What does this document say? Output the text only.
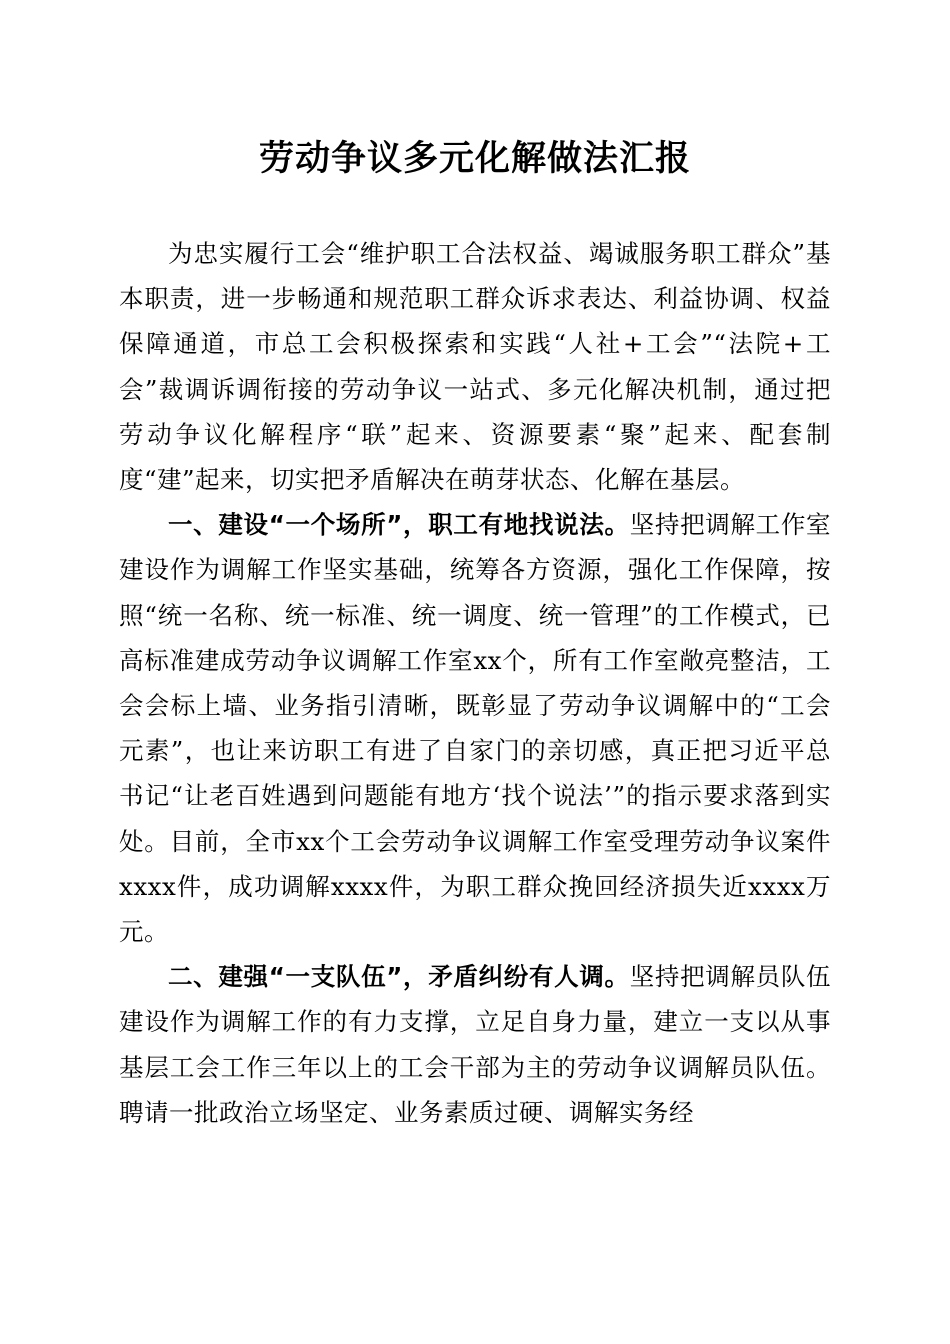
劳动争议多元化解做法汇报

为忠实履行工会“维护职工合法权益、竭诚服务职工群众”基本职责，进一步畅通和规范职工群众诉求表达、利益协调、权益保障通道，市总工会积极探索和实践“人社+工会”“法院+工会”裁调诉调衔接的劳动争议一站式、多元化解决机制，通过把劳动争议化解程序“联”起来、资源要素“聚”起来、配套制度“建”起来，切实把矛盾解决在萌芽状态、化解在基层。

一、建设“一个场所”，职工有地找说法。坚持把调解工作室建设作为调解工作坚实基础，统筹各方资源，强化工作保障，按照“统一名称、统一标准、统一调度、统一管理”的工作模式，已高标准建成劳动争议调解工作室xx个，所有工作室敞亮整洁，工会会标上墙、业务指引清晰，既彰显了劳动争议调解中的“工会元素”，也让来访职工有进了自家门的亲切感，真正把习近平总书记“让老百姓遇到问题能有地方‘找个说法’”的指示要求落到实处。目前，全市xx个工会劳动争议调解工作室受理劳动争议案件xxxx件，成功调解xxxx件，为职工群众挽回经济损失近xxxx万元。

二、建强“一支队伍”，矛盾纠纷有人调。坚持把调解员队伍建设作为调解工作的有力支撑，立足自身力量，建立一支以从事基层工会工作三年以上的工会干部为主的劳动争议调解员队伍。聘请一批政治立场坚定、业务素质过硬、调解实务经
